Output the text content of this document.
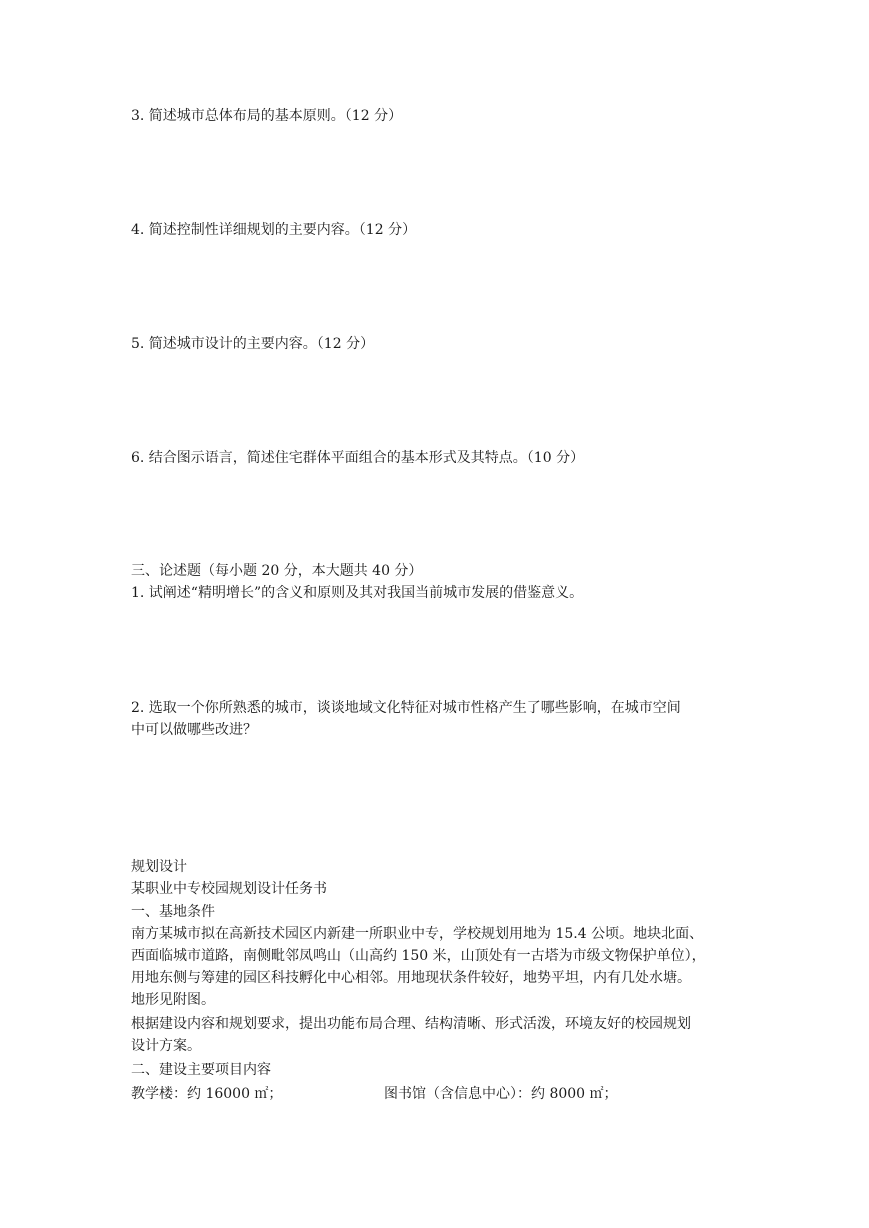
3. 简述城市总体布局的基本原则。（12 分）
4. 简述控制性详细规划的主要内容。（12 分）
5. 简述城市设计的主要内容。（12 分）
6. 结合图示语言，简述住宅群体平面组合的基本形式及其特点。（10 分）
三、论述题（每小题 20 分，本大题共 40 分）
1. 试阐述“精明增长”的含义和原则及其对我国当前城市发展的借鉴意义。
2. 选取一个你所熟悉的城市，谈谈地域文化特征对城市性格产生了哪些影响，在城市空间
中可以做哪些改进？
规划设计
某职业中专校园规划设计任务书
一、基地条件
南方某城市拟在高新技术园区内新建一所职业中专，学校规划用地为 15.4 公顷。地块北面、
西面临城市道路，南侧毗邻凤鸣山（山高约 150 米，山顶处有一古塔为市级文物保护单位），
用地东侧与筹建的园区科技孵化中心相邻。用地现状条件较好，地势平坦，内有几处水塘。
地形见附图。
根据建设内容和规划要求，提出功能布局合理、结构清晰、形式活泼，环境友好的校园规划
设计方案。
二、建设主要项目内容
教学楼：约 16000 ㎡；	图书馆（含信息中心）：约 8000 ㎡；
